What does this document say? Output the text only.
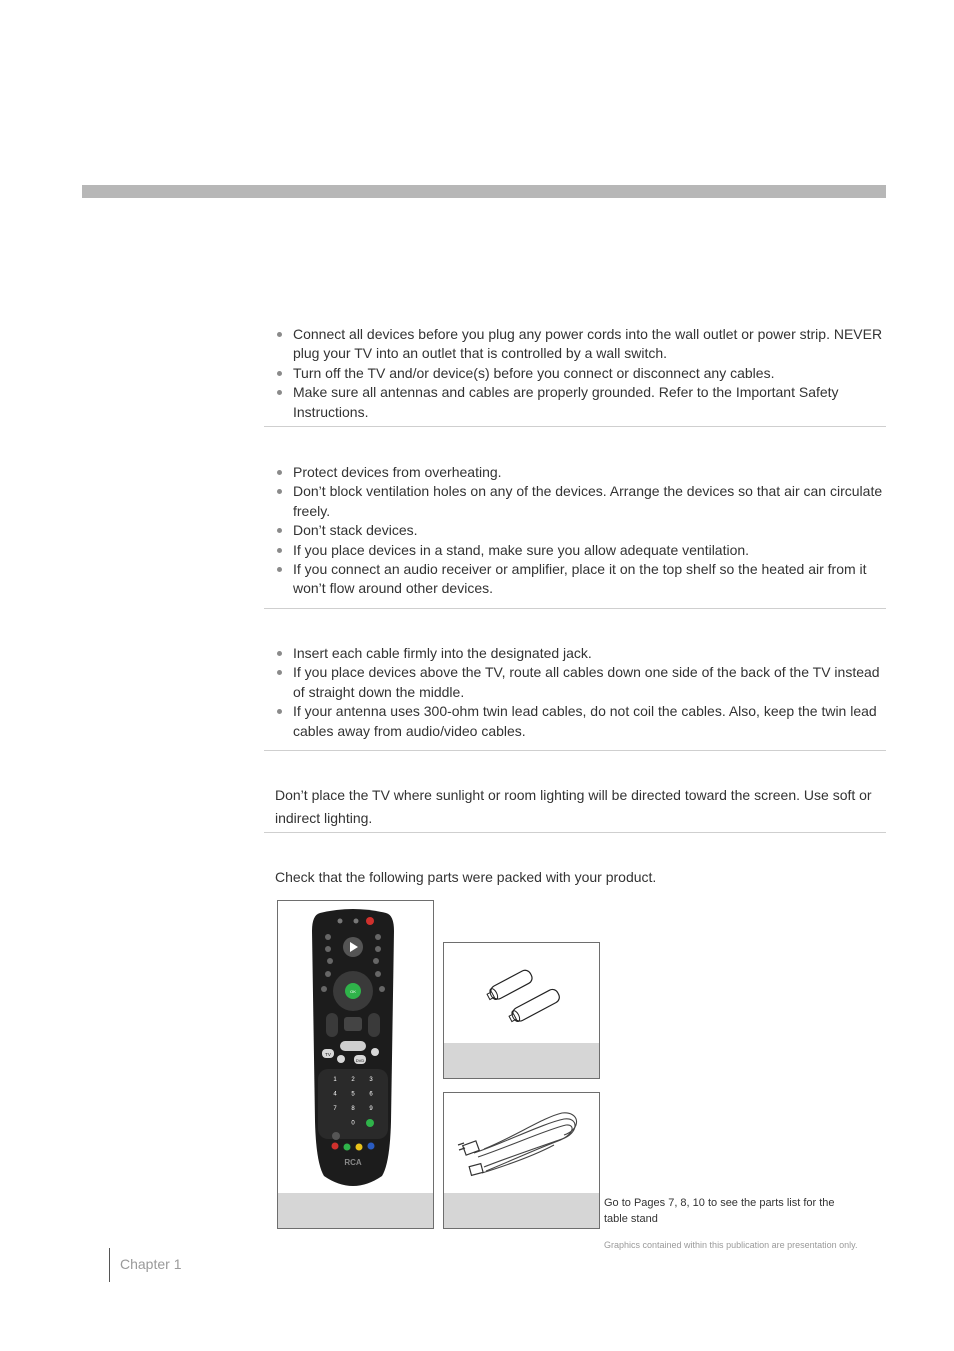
Connect all devices before you plug any power cords into the wall outlet or power strip. NEVER plug your TV into an outlet that is controlled by a wall switch.
Turn off the TV and/or device(s) before you connect or disconnect any cables.
Make sure all antennas and cables are properly grounded. Refer to the Important Safety Instructions.
Protect devices from overheating.
Don’t block ventilation holes on any of the devices. Arrange the devices so that air can circulate freely.
Don’t stack devices.
If you place devices in a stand, make sure you allow adequate ventilation.
If you connect an audio receiver or amplifier, place it on the top shelf so the heated air from it won’t flow around other devices.
Insert each cable firmly into the designated jack.
If you place devices above the TV, route all cables down one side of the back of the TV instead of straight down the middle.
If your antenna uses 300-ohm twin lead cables, do not coil the cables. Also, keep the twin lead cables away from audio/video cables.
Don’t place the TV where sunlight or room lighting will be directed toward the screen. Use soft or indirect lighting.
Check that the following parts were packed with your product.
OK
TV
DVD
1 2 3
4 5 6
7 8 9
0
RCA
Go to Pages 7, 8, 10 to see the parts list for the table stand
Graphics contained within this publication are presentation only.
Chapter 1
